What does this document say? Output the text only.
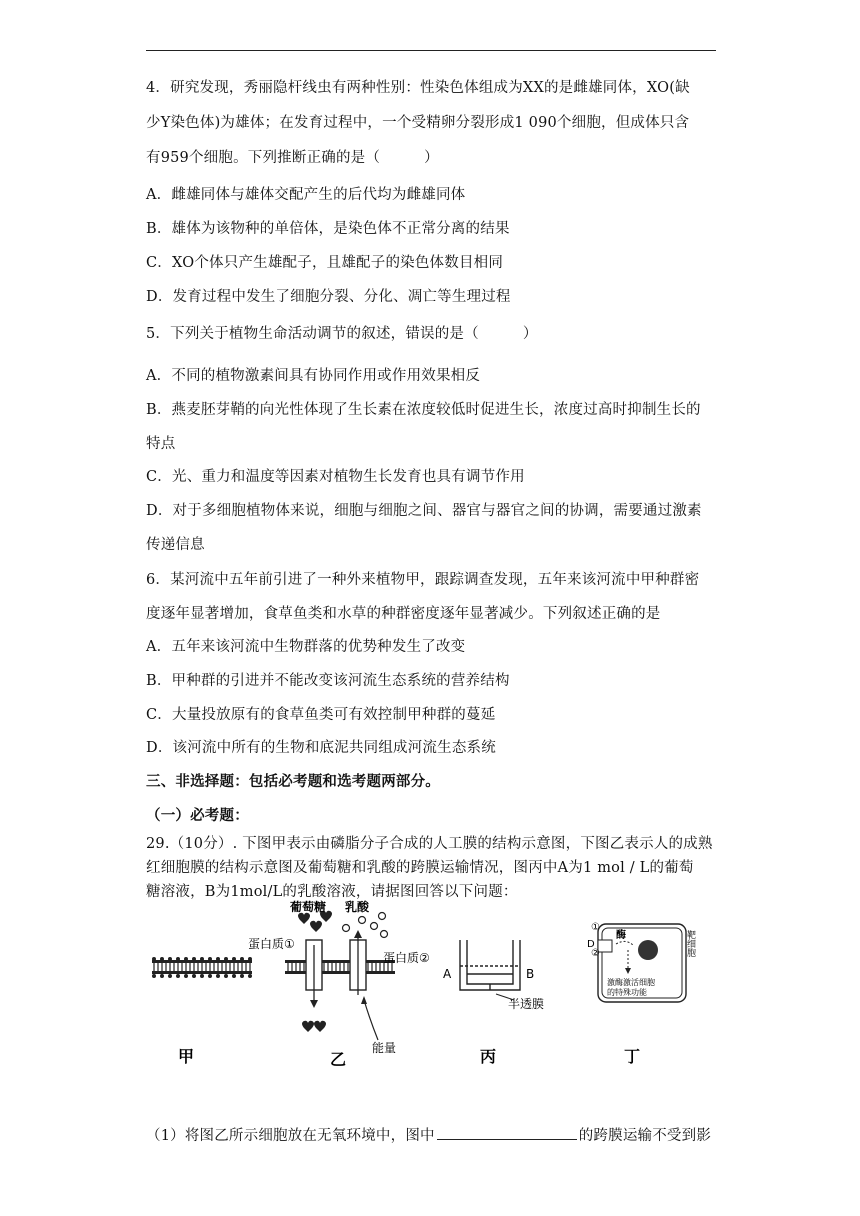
4．研究发现，秀丽隐杆线虫有两种性别：性染色体组成为XX的是雌雄同体，XO(缺
少Y染色体)为雄体；在发育过程中，一个受精卵分裂形成1 090个细胞，但成体只含
有959个细胞。下列推断正确的是（　　　）
A．雌雄同体与雄体交配产生的后代均为雌雄同体
B．雄体为该物种的单倍体，是染色体不正常分离的结果
C．XO个体只产生雄配子，且雄配子的染色体数目相同
D．发育过程中发生了细胞分裂、分化、凋亡等生理过程
5．下列关于植物生命活动调节的叙述，错误的是（　　　）
A．不同的植物激素间具有协同作用或作用效果相反
B．燕麦胚芽鞘的向光性体现了生长素在浓度较低时促进生长，浓度过高时抑制生长的
特点
C．光、重力和温度等因素对植物生长发育也具有调节作用
D．对于多细胞植物体来说，细胞与细胞之间、器官与器官之间的协调，需要通过激素
传递信息
6．某河流中五年前引进了一种外来植物甲，跟踪调查发现，五年来该河流中甲种群密
度逐年显著增加，食草鱼类和水草的种群密度逐年显著减少。下列叙述正确的是
A．五年来该河流中生物群落的优势种发生了改变
B．甲种群的引进并不能改变该河流生态系统的营养结构
C．大量投放原有的食草鱼类可有效控制甲种群的蔓延
D．该河流中所有的生物和底泥共同组成河流生态系统
三、非选择题：包括必考题和选考题两部分。
（一）必考题：
29.（10分）. 下图甲表示由磷脂分子合成的人工膜的结构示意图，下图乙表示人的成熟
红细胞膜的结构示意图及葡萄糖和乳酸的跨膜运输情况，图丙中A为1 mol / L的葡萄
糖溶液，B为1mol/L的乳酸溶液，请据图回答以下问题：
葡萄糖 乳酸
蛋白质①
蛋白质②
能量
A	B
半透膜
①
②
D
酶	靶细胞
激酶激活细胞
的特殊功能
甲	乙	丙	丁
（1）将图乙所示细胞放在无氧环境中，图中	的跨膜运输不受到影
